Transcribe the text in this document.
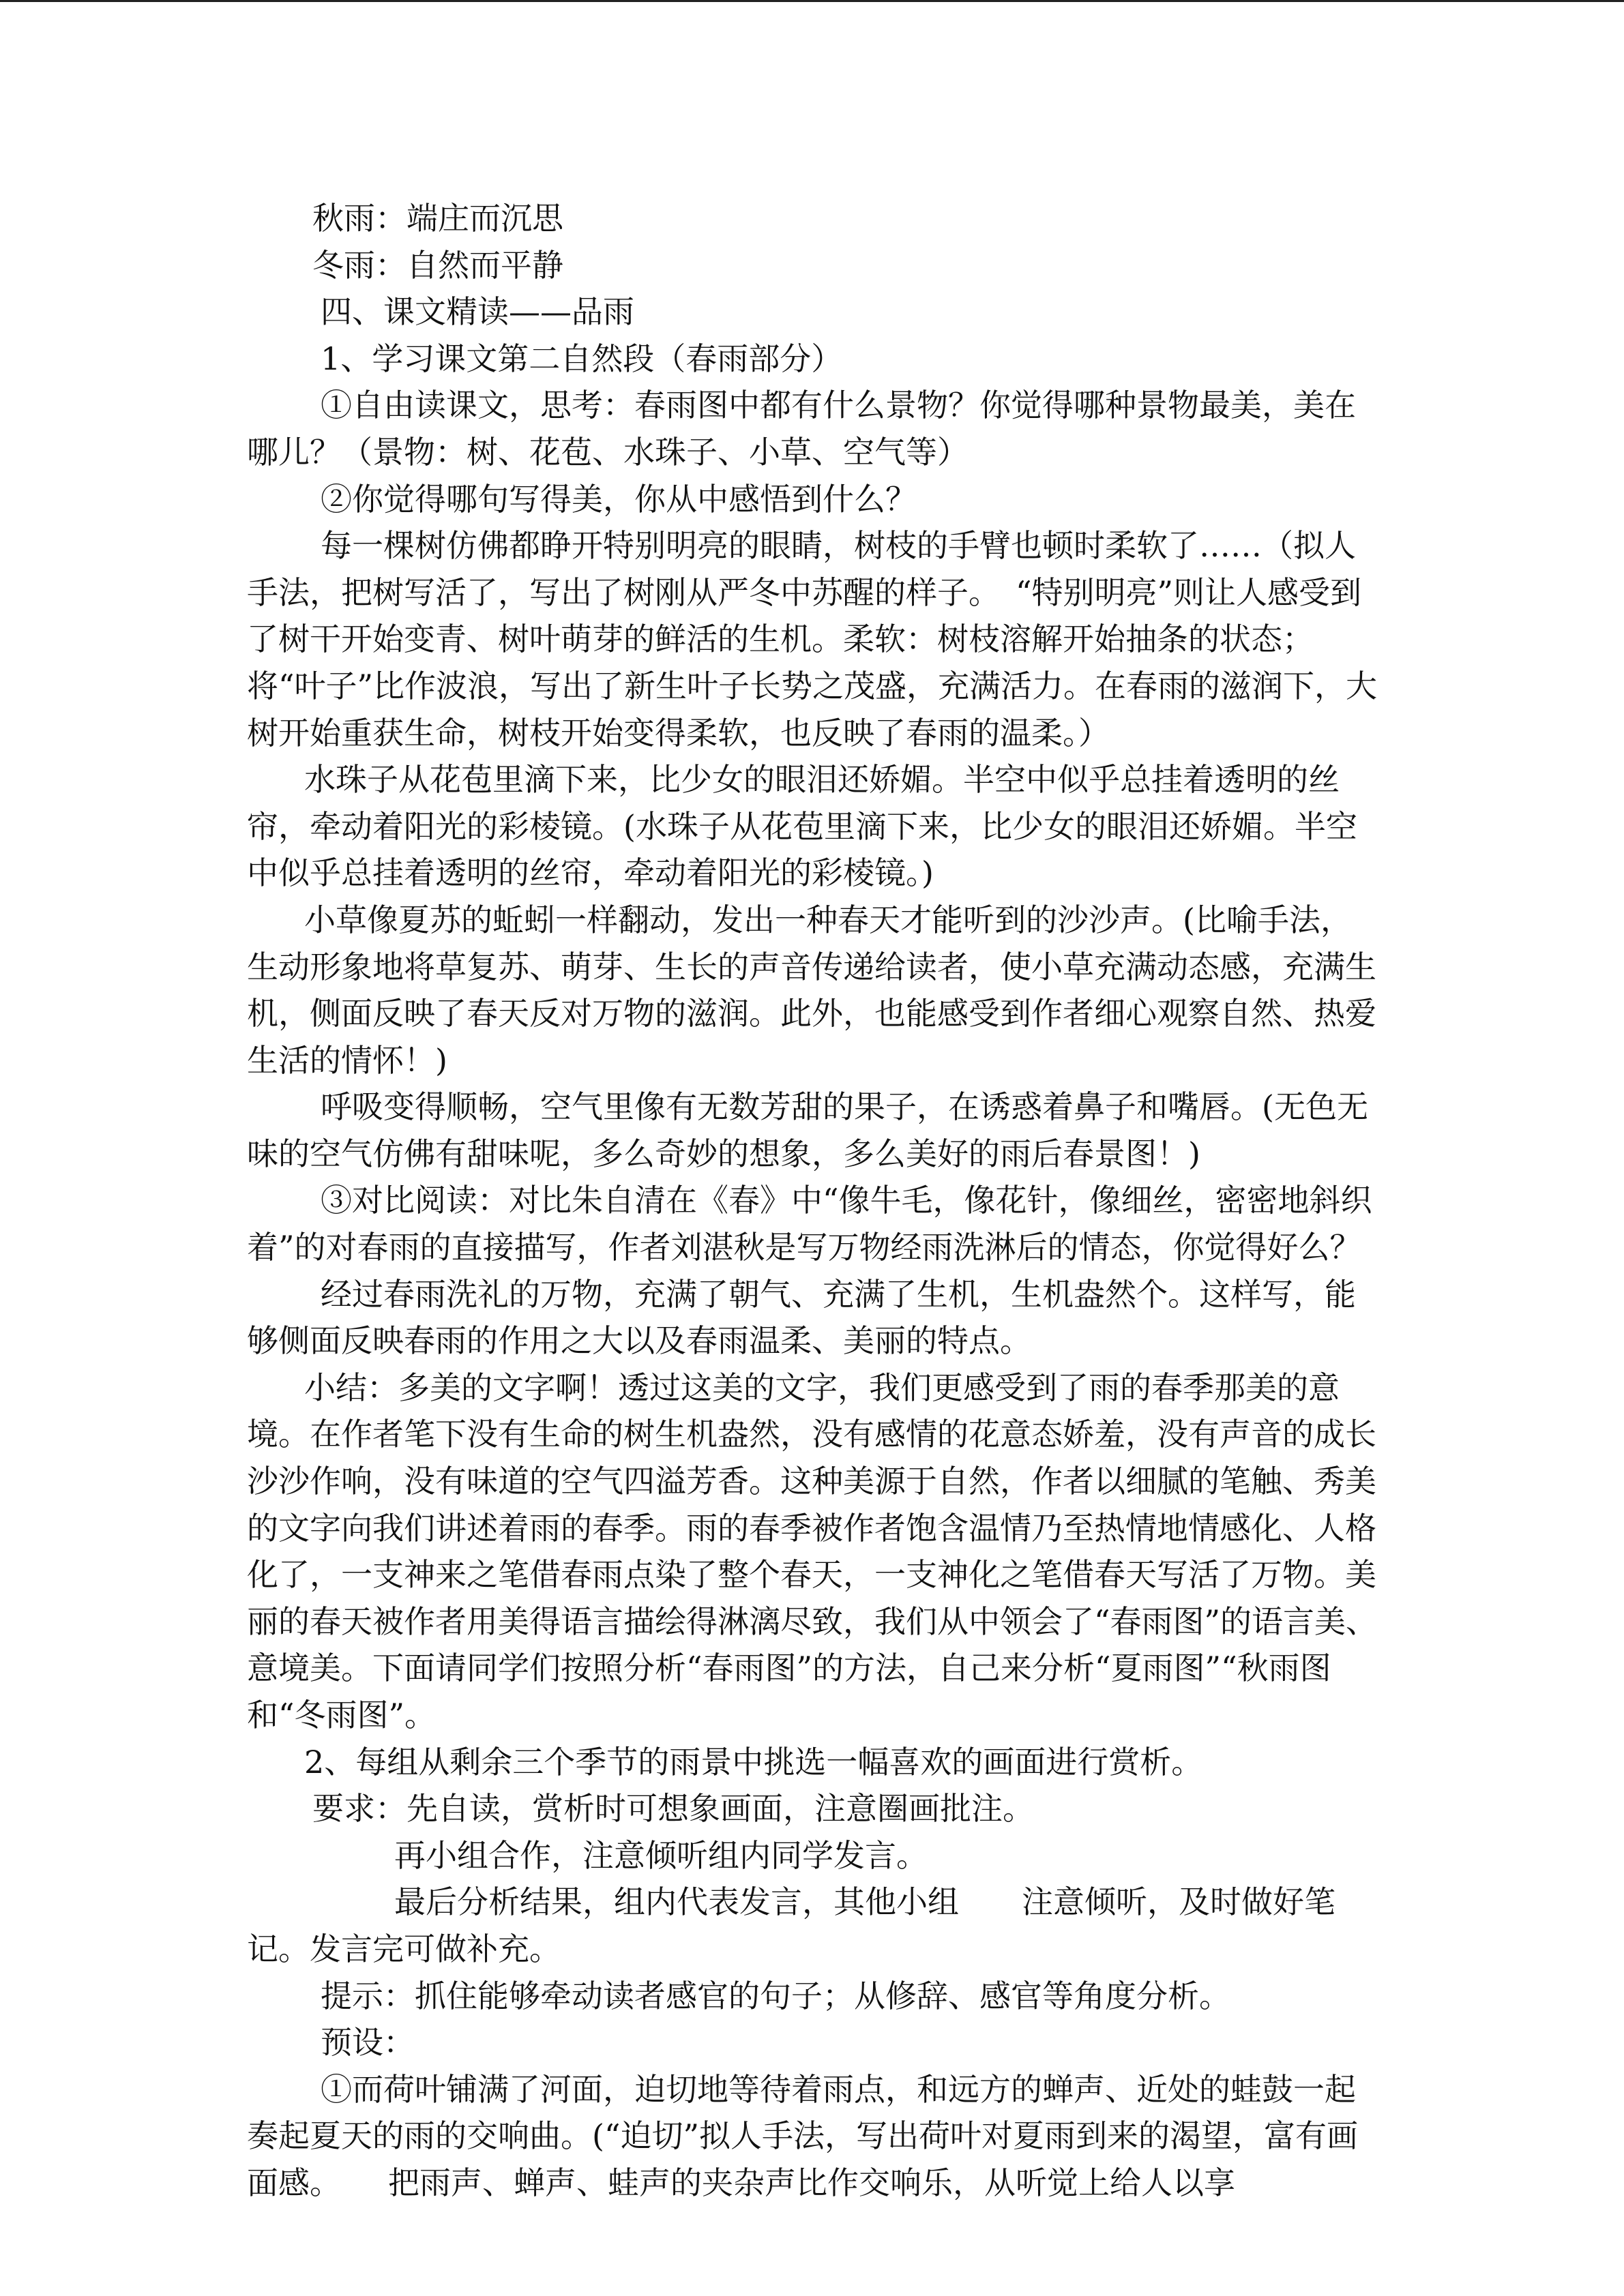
秋雨：端庄而沉思

冬雨：自然而平静

四、课文精读——品雨

1、学习课文第二自然段（春雨部分）

①自由读课文，思考：春雨图中都有什么景物？你觉得哪种景物最美，美在哪儿？（景物：树、花苞、水珠子、小草、空气等）

②你觉得哪句写得美，你从中感悟到什么？

每一棵树仿佛都睁开特别明亮的眼睛，树枝的手臂也顿时柔软了……（拟人手法，把树写活了，写出了树刚从严冬中苏醒的样子。　“特别明亮”则让人感受到了树干开始变青、树叶萌芽的鲜活的生机。柔软：树枝溶解开始抽条的状态；将“叶子”比作波浪，写出了新生叶子长势之茂盛，充满活力。在春雨的滋润下，大树开始重获生命，树枝开始变得柔软，也反映了春雨的温柔。）

水珠子从花苞里滴下来，比少女的眼泪还娇媚。半空中似乎总挂着透明的丝帘，牵动着阳光的彩棱镜。(水珠子从花苞里滴下来，比少女的眼泪还娇媚。半空中似乎总挂着透明的丝帘，牵动着阳光的彩棱镜。)

小草像夏苏的蚯蚓一样翻动，发出一种春天才能听到的沙沙声。(比喻手法，生动形象地将草复苏、萌芽、生长的声音传递给读者，使小草充满动态感，充满生机，侧面反映了春天反对万物的滋润。此外，也能感受到作者细心观察自然、热爱生活的情怀！)

呼吸变得顺畅，空气里像有无数芳甜的果子，在诱惑着鼻子和嘴唇。(无色无味的空气仿佛有甜味呢，多么奇妙的想象，多么美好的雨后春景图！)

③对比阅读：对比朱自清在《春》中“像牛毛，像花针，像细丝，密密地斜织着”的对春雨的直接描写，作者刘湛秋是写万物经雨洗淋后的情态，你觉得好么？

经过春雨洗礼的万物，充满了朝气、充满了生机，生机盎然个。这样写，能够侧面反映春雨的作用之大以及春雨温柔、美丽的特点。

小结：多美的文字啊！透过这美的文字，我们更感受到了雨的春季那美的意境。在作者笔下没有生命的树生机盎然，没有感情的花意态娇羞，没有声音的成长沙沙作响，没有味道的空气四溢芳香。这种美源于自然，作者以细腻的笔触、秀美的文字向我们讲述着雨的春季。雨的春季被作者饱含温情乃至热情地情感化、人格化了，一支神来之笔借春雨点染了整个春天，一支神化之笔借春天写活了万物。美丽的春天被作者用美得语言描绘得淋漓尽致，我们从中领会了“春雨图”的语言美、意境美。下面请同学们按照分析“春雨图”的方法，自己来分析“夏雨图”“秋雨图和“冬雨图”。

2、每组从剩余三个季节的雨景中挑选一幅喜欢的画面进行赏析。

要求：先自读，赏析时可想象画面，注意圈画批注。

再小组合作，注意倾听组内同学发言。

最后分析结果，组内代表发言，其他小组　　注意倾听，及时做好笔记。发言完可做补充。

提示：抓住能够牵动读者感官的句子；从修辞、感官等角度分析。

预设：

①而荷叶铺满了河面，迫切地等待着雨点，和远方的蝉声、近处的蛙鼓一起奏起夏天的雨的交响曲。(“迫切”拟人手法，写出荷叶对夏雨到来的渴望，富有画面感。　　把雨声、蝉声、蛙声的夹杂声比作交响乐，从听觉上给人以享
